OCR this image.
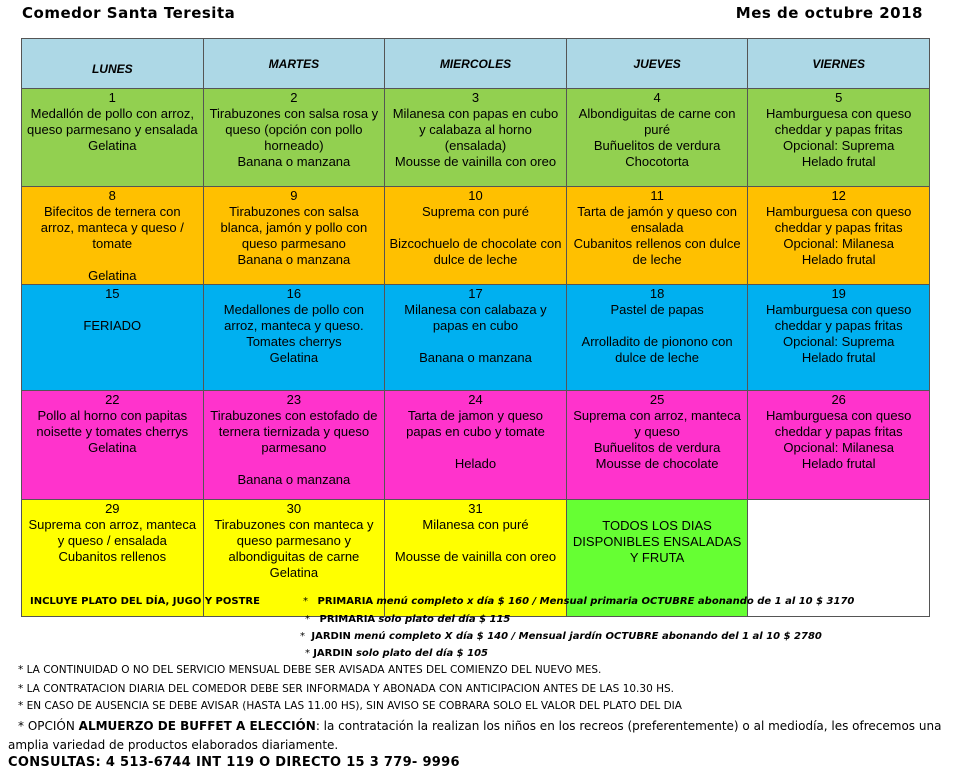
Comedor Santa Teresita	Mes de octubre 2018
LUNES	MARTES	MIERCOLES	JUEVES	VIERNES

1
Medallón de pollo con arroz, queso parmesano y ensalada
Gelatina	2
Tirabuzones con salsa rosa y queso (opción con pollo horneado)
Banana o manzana	3
Milanesa con papas en cubo y calabaza al horno (ensalada)
Mousse de vainilla con oreo	4
Albondiguitas de carne con puré
Buñuelitos de verdura
Chocotorta	5
Hamburguesa con queso cheddar y papas fritas
Opcional: Suprema
Helado frutal

8
Bifecitos de ternera con arroz, manteca y queso / tomate
Gelatina	9
Tirabuzones con salsa blanca, jamón y pollo con queso parmesano
Banana o manzana	10
Suprema con puré
Bizcochuelo de chocolate con dulce de leche	11
Tarta de jamón y queso con ensalada
Cubanitos rellenos con dulce de leche	12
Hamburguesa con queso cheddar y papas fritas
Opcional: Milanesa
Helado frutal

15
FERIADO	16
Medallones de pollo con arroz, manteca y queso.
Tomates cherrys
Gelatina	17
Milanesa con calabaza y papas en cubo
Banana o manzana	18
Pastel de papas
Arrolladito de pionono con dulce de leche	19
Hamburguesa con queso cheddar y papas fritas
Opcional: Suprema
Helado frutal

22
Pollo al horno con papitas noisette y tomates cherrys
Gelatina	23
Tirabuzones con estofado de ternera tiernizada y queso parmesano
Banana o manzana	24
Tarta de jamon y queso papas en cubo y tomate
Helado	25
Suprema con arroz, manteca y queso
Buñuelitos de verdura
Mousse de chocolate	26
Hamburguesa con queso cheddar y papas fritas
Opcional: Milanesa
Helado frutal

29
Suprema con arroz, manteca y queso / ensalada
Cubanitos rellenos	30
Tirabuzones con manteca y queso parmesano y albondiguitas de carne
Gelatina	31
Milanesa con puré
Mousse de vainilla con oreo	TODOS LOS DIAS DISPONIBLES ENSALADAS Y FRUTA	

INCLUYE PLATO DEL DÍA, JUGO Y POSTRE	*   PRIMARIA menú completo x día $ 160 / Mensual primaria OCTUBRE abonando de 1 al 10 $ 3170
*   PRIMARIA solo plato del día $ 115
*  JARDIN menú completo X día $ 140 / Mensual jardín OCTUBRE abonando del 1 al 10 $ 2780
* JARDIN solo plato del día $ 105
* LA CONTINUIDAD O NO DEL SERVICIO MENSUAL DEBE SER AVISADA ANTES DEL COMIENZO DEL NUEVO MES.
* LA CONTRATACION DIARIA DEL COMEDOR DEBE SER INFORMADA Y ABONADA CON ANTICIPACION ANTES DE LAS 10.30 HS.
* EN CASO DE AUSENCIA SE DEBE AVISAR (HASTA LAS 11.00 HS), SIN AVISO SE COBRARA SOLO EL VALOR DEL PLATO DEL DIA
* OPCIÓN ALMUERZO DE BUFFET A ELECCIÓN: la contratación la realizan los niños en los recreos (preferentemente) o al mediodía, les ofrecemos una amplia variedad de productos elaborados diariamente.
CONSULTAS: 4 513-6744 INT 119 O DIRECTO 15 3 779- 9996
